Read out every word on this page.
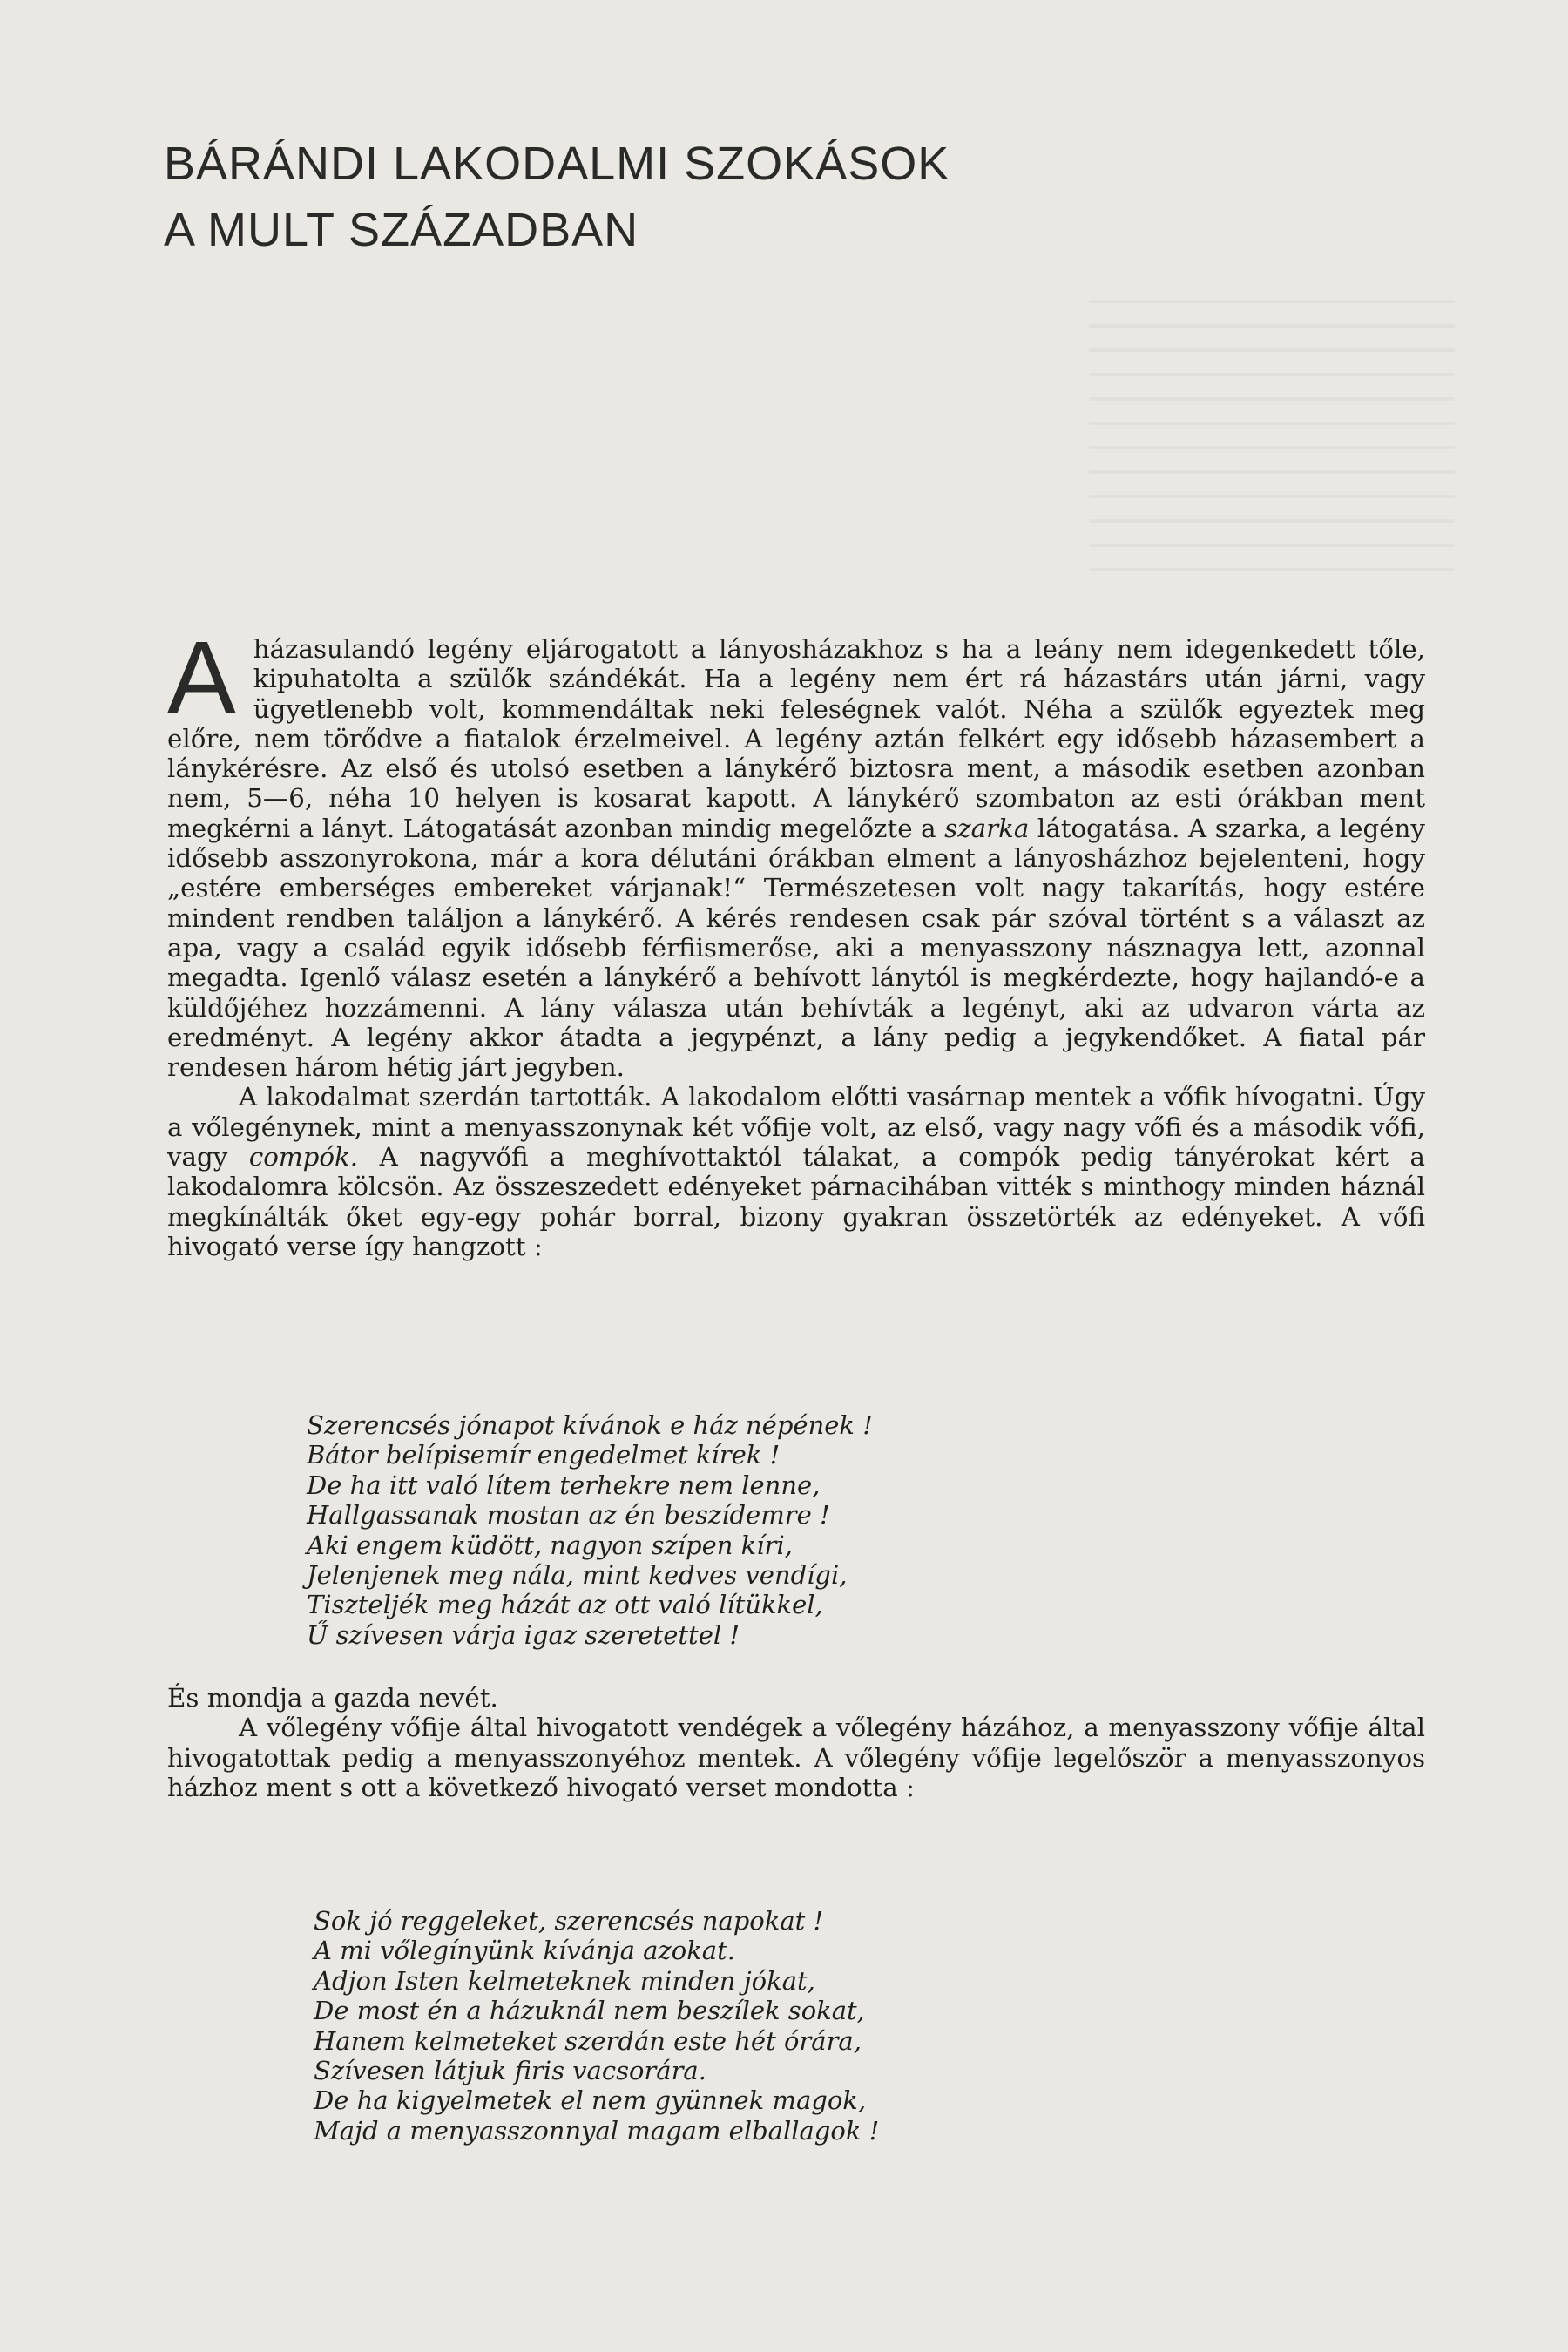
BÁRÁNDI LAKODALMI SZOKÁSOK
A MULT SZÁZADBAN

Aházasulandó legény eljárogatott a lányosházakhoz s ha a leány nem idegenkedett tőle, kipuhatolta a szülők szándékát. Ha a legény nem ért rá házastárs után járni, vagy ügyetlenebb volt, kommendáltak neki feleségnek valót. Néha a szülők egyeztek meg előre, nem törődve a fiatalok érzelmeivel. A legény aztán felkért egy idősebb házasembert a lánykérésre. Az első és utolsó esetben a lánykérő biztosra ment, a második esetben azonban nem, 5—6, néha 10 helyen is kosarat kapott. A lánykérő szombaton az esti órákban ment megkérni a lányt. Látogatását azonban mindig megelőzte a szarka látogatása. A szarka, a legény idősebb asszonyrokona, már a kora délutáni órákban elment a lányosházhoz bejelenteni, hogy „estére emberséges embereket várjanak!“ Természetesen volt nagy takarítás, hogy estére mindent rendben találjon a lánykérő. A kérés rendesen csak pár szóval történt s a választ az apa, vagy a család egyik idősebb férfiismerőse, aki a menyasszony násznagya lett, azonnal megadta. Igenlő válasz esetén a lánykérő a behívott lánytól is megkérdezte, hogy hajlandó-e a küldőjéhez hozzámenni. A lány válasza után behívták a legényt, aki az udvaron várta az eredményt. A legény akkor átadta a jegypénzt, a lány pedig a jegykendőket. A fiatal pár rendesen három hétig járt jegyben.

A lakodalmat szerdán tartották. A lakodalom előtti vasárnap mentek a vőfik hívogatni. Úgy a vőlegénynek, mint a menyasszonynak két vőfije volt, az első, vagy nagy vőfi és a második vőfi, vagy compók. A nagyvőfi a meghívottaktól tálakat, a compók pedig tányérokat kért a lakodalomra kölcsön. Az összeszedett edényeket párnacihában vitték s minthogy minden háznál megkínálták őket egy-egy pohár borral, bizony gyakran összetörték az edényeket. A vőfi hivogató verse így hangzott :

Szerencsés jónapot kívánok e ház népének !
Bátor belípisemír engedelmet kírek !
De ha itt való lítem terhekre nem lenne,
Hallgassanak mostan az én beszídemre !
Aki engem küdött, nagyon szípen kíri,
Jelenjenek meg nála, mint kedves vendígi,
Tiszteljék meg házát az ott való lítükkel,
Ű szívesen várja igaz szeretettel !

És mondja a gazda nevét.

A vőlegény vőfije által hivogatott vendégek a vőlegény házához, a menyasszony vőfije által hivogatottak pedig a menyasszonyéhoz mentek. A vőlegény vőfije legelőször a menyasszonyos házhoz ment s ott a következő hivogató verset mondotta :

Sok jó reggeleket, szerencsés napokat !
A mi vőlegínyünk kívánja azokat.
Adjon Isten kelmeteknek minden jókat,
De most én a házuknál nem beszílek sokat,
Hanem kelmeteket szerdán este hét órára,
Szívesen látjuk firis vacsorára.
De ha kigyelmetek el nem gyünnek magok,
Majd a menyasszonnyal magam elballagok !
